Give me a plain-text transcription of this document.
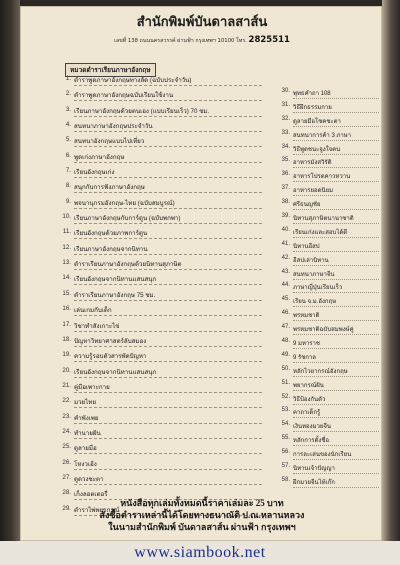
สำนักพิมพ์บันดาลสาส์น
เลขที่ 138 ถนนนครสวรรค์ ผ่านฟ้า กรุงเทพฯ 10100 โทร. 2825511
หมวดตำราเรียนภาษาอังกฤษ
1. ตำราพูดภาษาอังกฤษทางลัด (ฉบับประจำวัน)
2. ตำราพูดภาษาอังกฤษฉบับเรียนใช้งาน
3. เรียนภาษาอังกฤษด้วยตนเอง (แบบเรียนเร็ว) 70 ชม.
4. สนทนาภาษาอังกฤษประจำวัน
5. สนทนาอังกฤษแบบไปเที่ยว
6. พูดเก่งภาษาอังกฤษ
7. เรียนอังกฤษเก่ง
8. สนุกกับการฟังภาษาอังกฤษ
9. พจนานุกรมอังกฤษ-ไทย (ฉบับสมบูรณ์)
10. เรียนภาษาอังกฤษกับการ์ตูน (ฉบับพกพา)
11. เรียนอังกฤษด้วยภาพการ์ตูน
12. เรียนภาษาอังกฤษจากนิทาน
13. ตำราเรียนภาษาอังกฤษด้วยนิทานสุภาษิต
14. เรียนอังกฤษจากนิทานแสนสนุก
15. ตำราเรียนภาษาอังกฤษ 75 ชม.
16. เล่นเกมกับเด็ก
17. วิชาทำสังเกาะไข่
18. ปัญหาวิทยาศาสตร์ลับสมอง
19. ความรู้รอบตัวสารพัดปัญหา
20. เรียนอังกฤษจากนิทานแสนสนุก
21. คู่มือเพาะกาย
22. มวยไทย
23. คำพังเพย
24. ทำนายฝัน
25. ดูลายมือ
26. โหงวเฮ้ง
27. ดูดวงชะตา
28. เก็งลอตเตอรี่
29. ตำราไพ่พยากรณ์
30. พุทธคำถา 108
31. วิธีฝึกธรรมกาย
32. ดูลายมือโชคชะตา
33. สนทนาการค้า 3 ภาษา
34. วิธีพูดชนะจูงใจคน
35. อาหารมังสวิรัติ
36. อาหารโปรดคาวหวาน
37. อาหารยอดนิยม
38. ศรีธนญชัย
39. นิทานสุภาษิตนานาชาติ
40. เรียนเก่งและสอบได้ดี
41. นิทานอีสป
42. อีสปเล่านิทาน
43. สนทนาภาษาจีน
44. ภาษาญี่ปุ่นเรียนเร็ว
45. เรียน จ.ม.อังกฤษ
46. พรหมชาติ
47. พรหมชาติฉบับสมพงษ์คู่
48. 9 มหาราช
49. 9 รัชกาล
50. หลักไวยากรณ์อังกฤษ
51. พยากรณ์ฝัน
52. วิธีป้องกันตัว
53. คาถาเด็กรู้
54. เงินทองมวยจีน
55. หลักการตั้งชื่อ
56. การละเล่นของนักเรียน
57. นิทานเจ้าปัญญา
58. ฝึกมวยจีนไท้เก๊ก
หนังสือทุกเล่มทั้งหมดนี้ราคาเล่มละ 25 บาท
สั่งซื้อตำราเหล่านี้ได้โดยทางธนาณัติ ป.ณ.หลานหลวง
ในนามสำนักพิมพ์ บันดาลสาส์น ผ่านฟ้า กรุงเทพฯ
www.siambook.net
